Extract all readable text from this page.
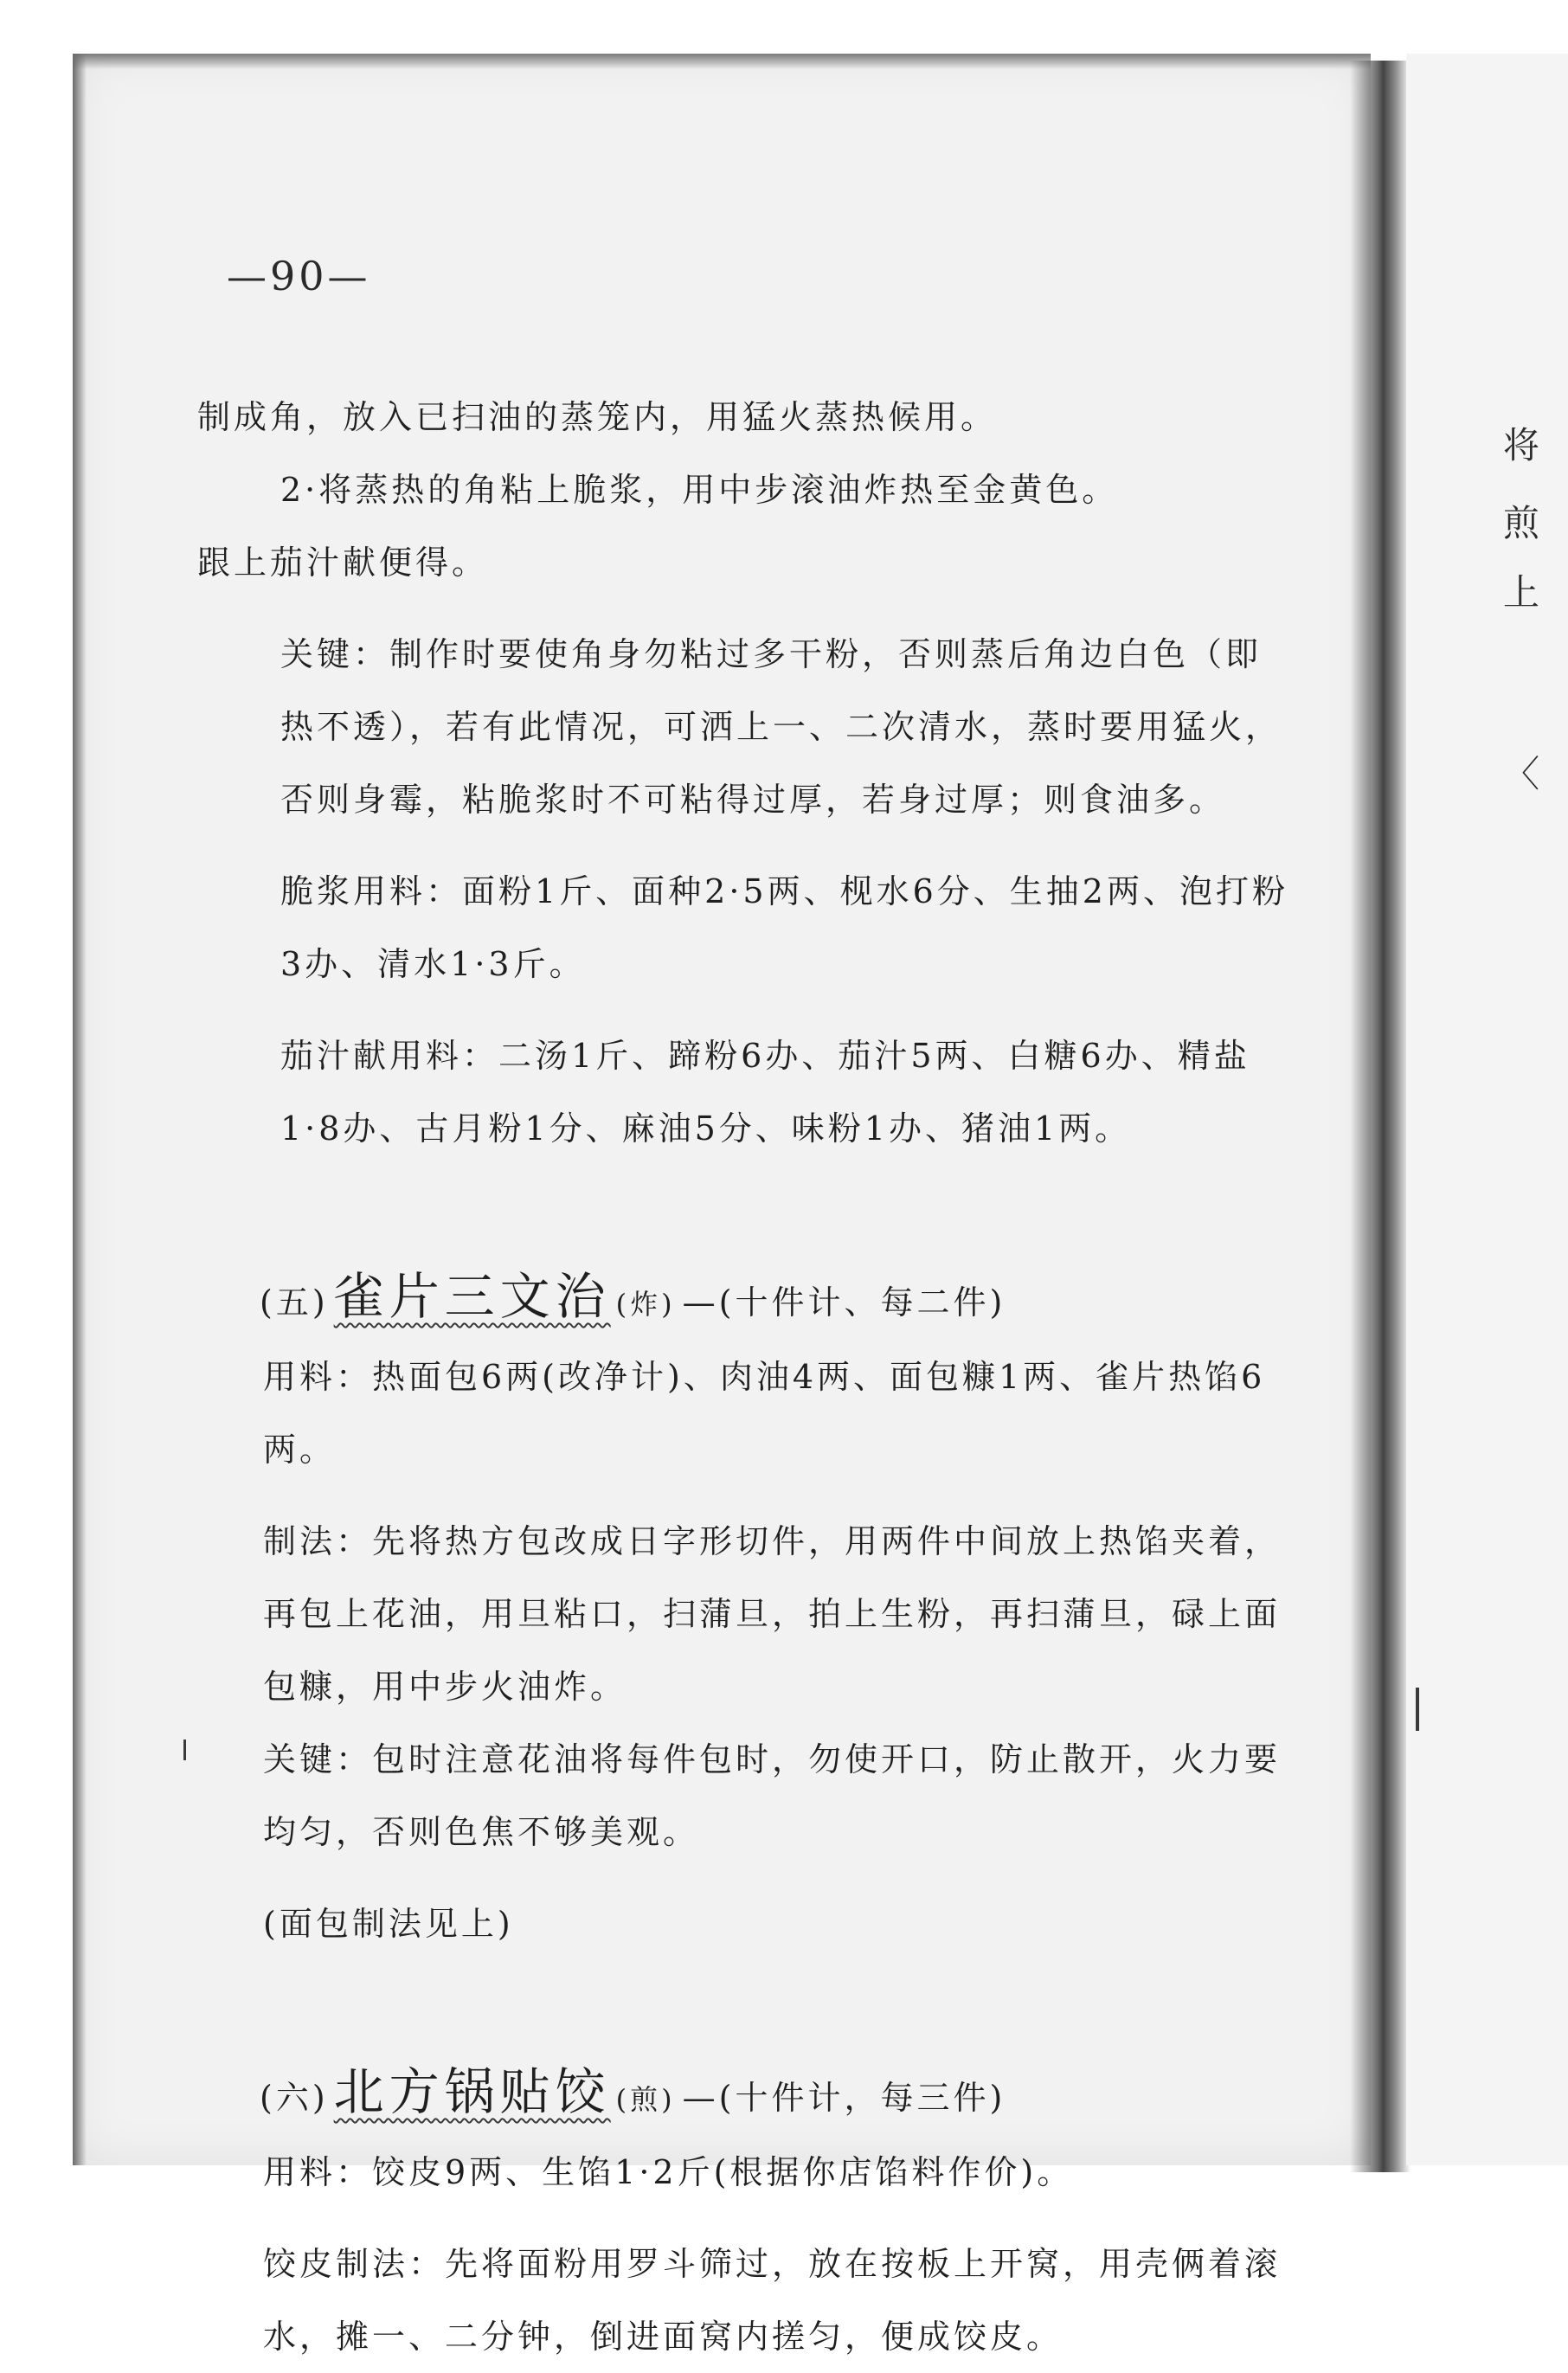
将
煎
上
〈
—90—

制成角，放入已扫油的蒸笼内，用猛火蒸热候用。

2·将蒸热的角粘上脆浆，用中步滚油炸热至金黄色。

跟上茄汁献便得。

关键：制作时要使角身勿粘过多干粉，否则蒸后角边白色（即热不透），若有此情况，可洒上一、二次清水，蒸时要用猛火，否则身霉，粘脆浆时不可粘得过厚，若身过厚；则食油多。

脆浆用料：面粉1斤、面种2·5两、枧水6分、生抽2两、泡打粉3办、清水1·3斤。

茄汁献用料：二汤1斤、蹄粉6办、茄汁5两、白糖6办、精盐1·8办、古月粉1分、麻油5分、味粉1办、猪油1两。

(五) 雀片三文治 (炸) —(十件计、每二件)

用料：热面包6两(改净计)、肉油4两、面包糠1两、雀片热馅6两。

制法：先将热方包改成日字形切件，用两件中间放上热馅夹着，再包上花油，用旦粘口，扫蒲旦，拍上生粉，再扫蒲旦，碌上面包糠，用中步火油炸。

关键：包时注意花油将每件包时，勿使开口，防止散开，火力要均匀，否则色焦不够美观。

(面包制法见上)

(六) 北方锅贴饺 (煎) —(十件计，每三件)

用料：饺皮9两、生馅1·2斤(根据你店馅料作价)。

饺皮制法：先将面粉用罗斗筛过，放在按板上开窝，用壳俩着滚水，摊一、二分钟，倒进面窝内搓匀，便成饺皮。
